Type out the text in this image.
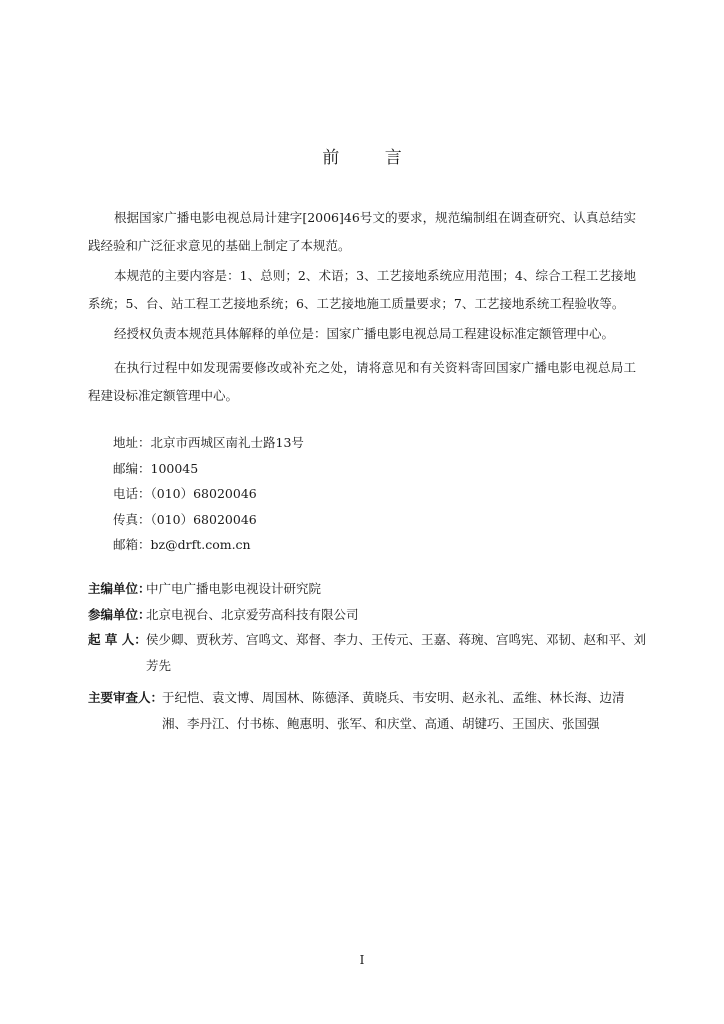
前 言
根据国家广播电影电视总局计建字[2006]46号文的要求，规范编制组在调查研究、认真总结实践经验和广泛征求意见的基础上制定了本规范。
本规范的主要内容是：1、总则；2、术语；3、工艺接地系统应用范围；4、综合工程工艺接地系统；5、台、站工程工艺接地系统；6、工艺接地施工质量要求；7、工艺接地系统工程验收等。
经授权负责本规范具体解释的单位是：国家广播电影电视总局工程建设标准定额管理中心。
在执行过程中如发现需要修改或补充之处，请将意见和有关资料寄回国家广播电影电视总局工程建设标准定额管理中心。
地址：北京市西城区南礼士路13号
邮编：100045
电话：（010）68020046
传真：（010）68020046
邮箱：bz@drft.com.cn
主编单位：
中广电广播电影电视设计研究院
参编单位：
北京电视台、北京爱劳高科技有限公司
起 草 人： 侯少卿、贾秋芳、宫鸣文、郑督、李力、王传元、王嘉、蒋琬、宫鸣宪、邓韧、赵和平、刘芳先
主要审查人：
于纪恺、袁文博、周国林、陈德泽、黄晓兵、韦安明、赵永礼、孟维、林长海、边清湘、李丹江、付书栋、鲍惠明、张军、和庆堂、高通、胡键巧、王国庆、张国强
I
